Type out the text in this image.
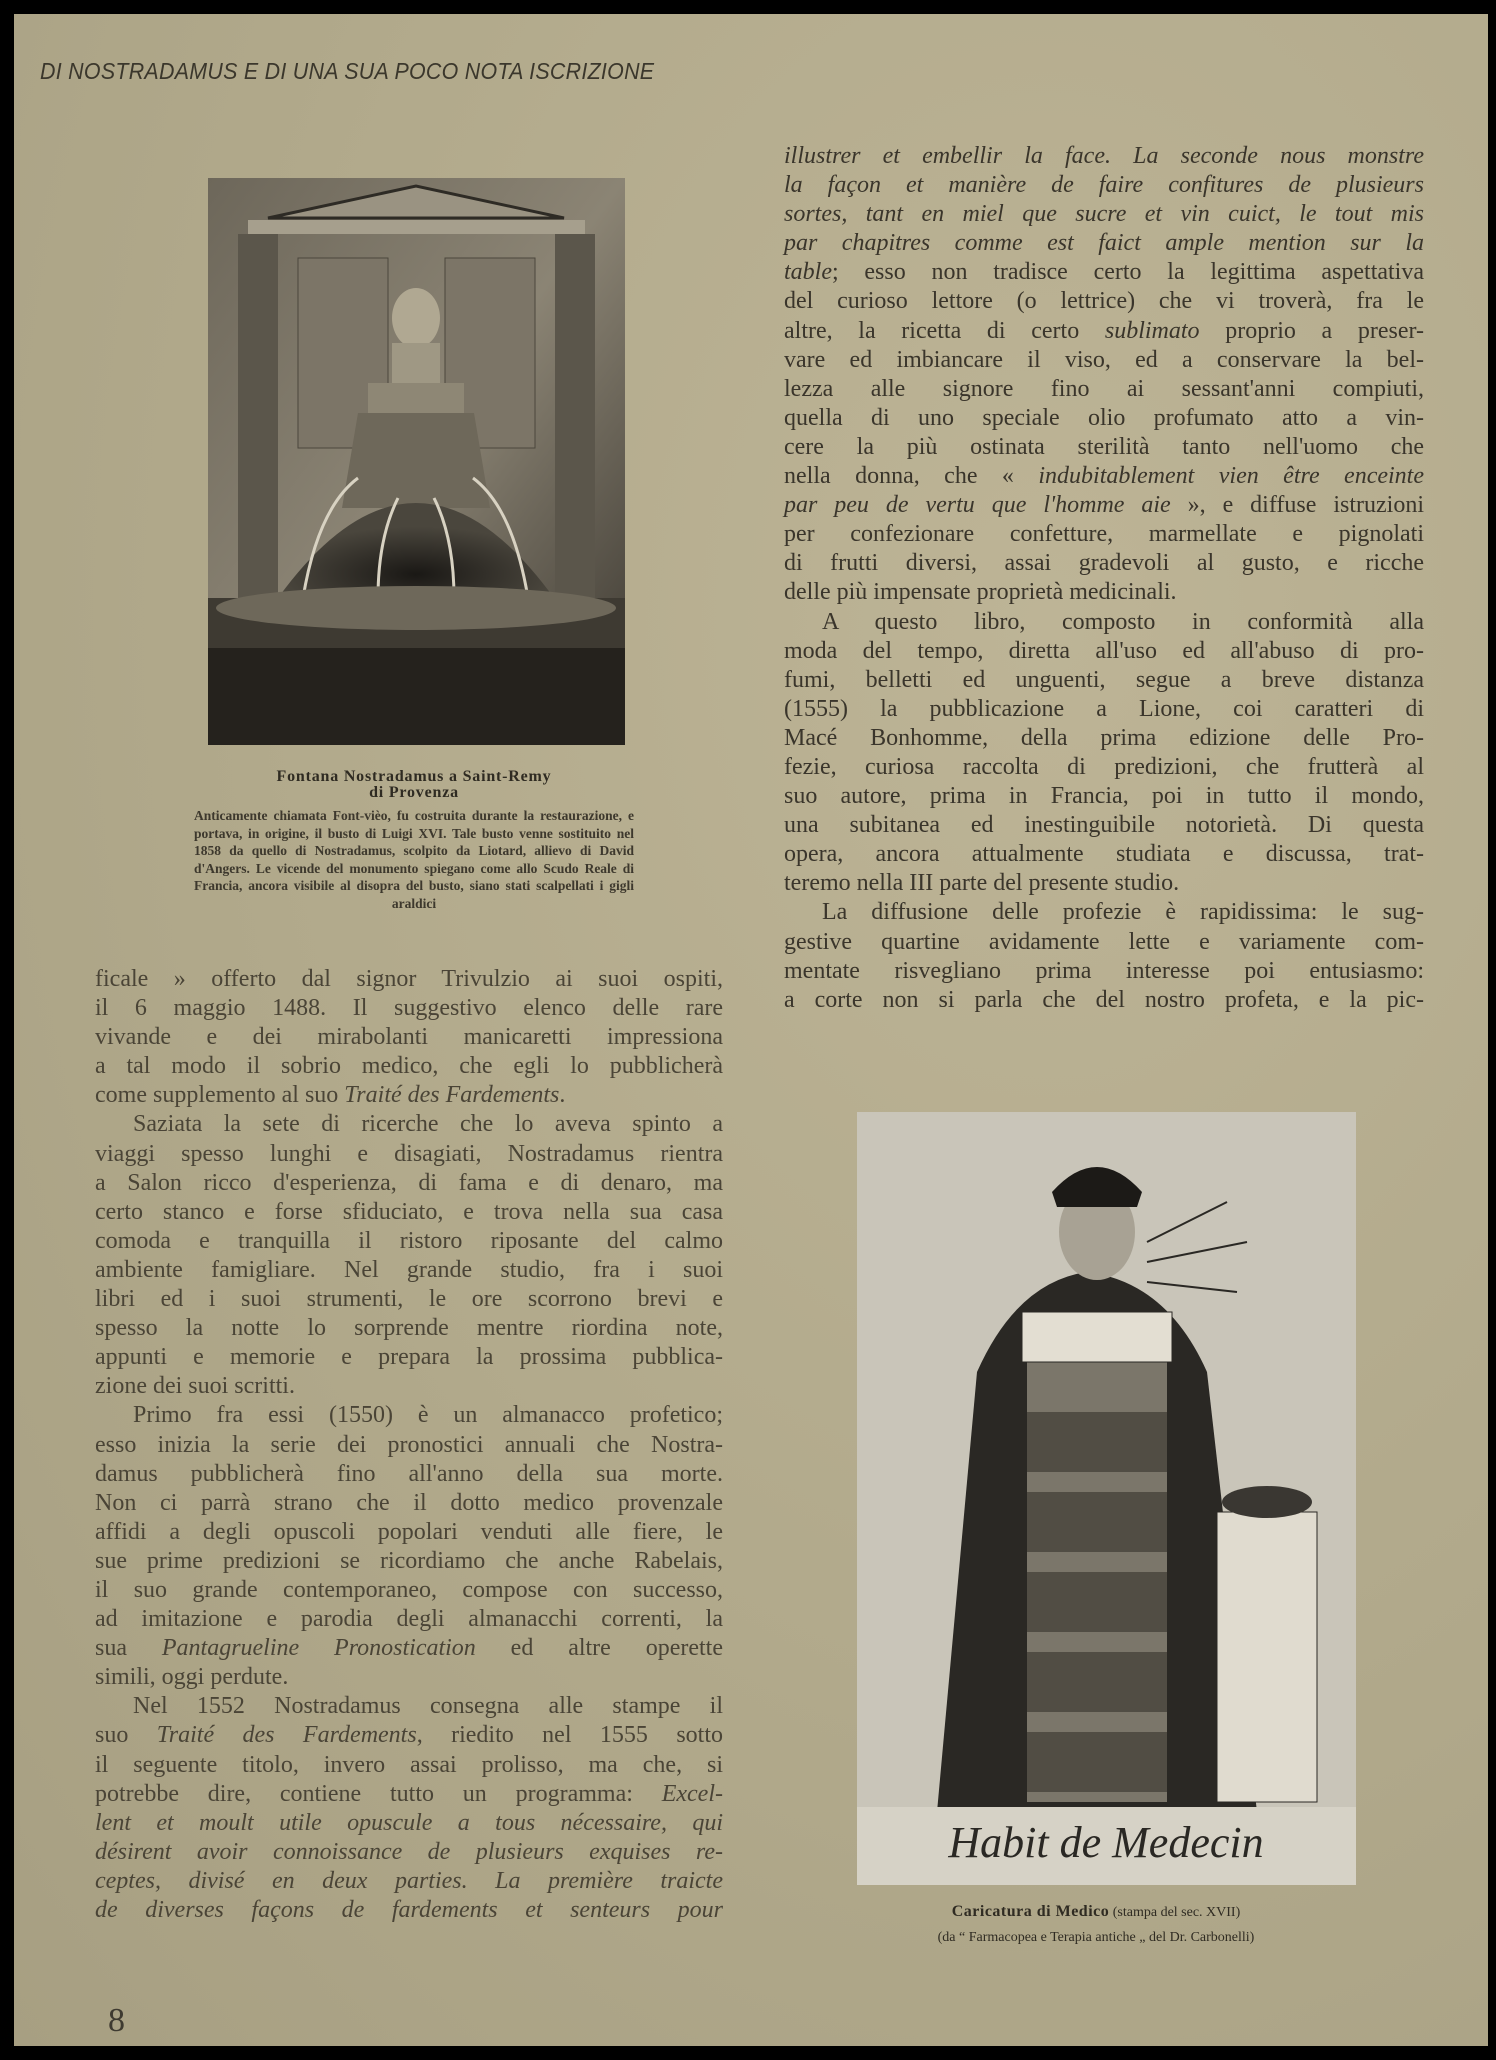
DI NOSTRADAMUS E DI UNA SUA POCO NOTA ISCRIZIONE
Fontana Nostradamus a Saint-Remy
di Provenza
Anticamente chiamata Font-vièo, fu costruita durante la restaurazione, e portava, in origine, il busto di Luigi XVI. Tale busto venne sostituito nel 1858 da quello di Nostradamus, scolpito da Liotard, allievo di David d'Angers. Le vicende del monumento spiegano come allo Scudo Reale di Francia, ancora visibile al disopra del busto, siano stati scalpellati i gigli araldici
Habit de Medecin
Caricatura di Medico (stampa del sec. XVII)
(da “ Farmacopea e Terapia antiche „ del Dr. Carbonelli)
ficale » offerto dal signor Trivulzio ai suoi ospiti,
il 6 maggio 1488. Il suggestivo elenco delle rare
vivande e dei mirabolanti manicaretti impressiona
a tal modo il sobrio medico, che egli lo pubblicherà
come supplemento al suo Traité des Fardements.
Saziata la sete di ricerche che lo aveva spinto a
viaggi spesso lunghi e disagiati, Nostradamus rientra
a Salon ricco d'esperienza, di fama e di denaro, ma
certo stanco e forse sfiduciato, e trova nella sua casa
comoda e tranquilla il ristoro riposante del calmo
ambiente famigliare. Nel grande studio, fra i suoi
libri ed i suoi strumenti, le ore scorrono brevi e
spesso la notte lo sorprende mentre riordina note,
appunti e memorie e prepara la prossima pubblica-
zione dei suoi scritti.
Primo fra essi (1550) è un almanacco profetico;
esso inizia la serie dei pronostici annuali che Nostra-
damus pubblicherà fino all'anno della sua morte.
Non ci parrà strano che il dotto medico provenzale
affidi a degli opuscoli popolari venduti alle fiere, le
sue prime predizioni se ricordiamo che anche Rabelais,
il suo grande contemporaneo, compose con successo,
ad imitazione e parodia degli almanacchi correnti, la
sua Pantagrueline Pronostication ed altre operette
simili, oggi perdute.
Nel 1552 Nostradamus consegna alle stampe il
suo Traité des Fardements, riedito nel 1555 sotto
il seguente titolo, invero assai prolisso, ma che, si
potrebbe dire, contiene tutto un programma: Excel-
lent et moult utile opuscule a tous nécessaire, qui
désirent avoir connoissance de plusieurs exquises re-
ceptes, divisé en deux parties. La première traicte
de diverses façons de fardements et senteurs pour
illustrer et embellir la face. La seconde nous monstre
la façon et manière de faire confitures de plusieurs
sortes, tant en miel que sucre et vin cuict, le tout mis
par chapitres comme est faict ample mention sur la
table; esso non tradisce certo la legittima aspettativa
del curioso lettore (o lettrice) che vi troverà, fra le
altre, la ricetta di certo sublimato proprio a preser-
vare ed imbiancare il viso, ed a conservare la bel-
lezza alle signore fino ai sessant'anni compiuti,
quella di uno speciale olio profumato atto a vin-
cere la più ostinata sterilità tanto nell'uomo che
nella donna, che « indubitablement vien être enceinte
par peu de vertu que l'homme aie », e diffuse istruzioni
per confezionare confetture, marmellate e pignolati
di frutti diversi, assai gradevoli al gusto, e ricche
delle più impensate proprietà medicinali.
A questo libro, composto in conformità alla
moda del tempo, diretta all'uso ed all'abuso di pro-
fumi, belletti ed unguenti, segue a breve distanza
(1555) la pubblicazione a Lione, coi caratteri di
Macé Bonhomme, della prima edizione delle Pro-
fezie, curiosa raccolta di predizioni, che frutterà al
suo autore, prima in Francia, poi in tutto il mondo,
una subitanea ed inestinguibile notorietà. Di questa
opera, ancora attualmente studiata e discussa, trat-
teremo nella III parte del presente studio.
La diffusione delle profezie è rapidissima: le sug-
gestive quartine avidamente lette e variamente com-
mentate risvegliano prima interesse poi entusiasmo:
a corte non si parla che del nostro profeta, e la pic-
8
